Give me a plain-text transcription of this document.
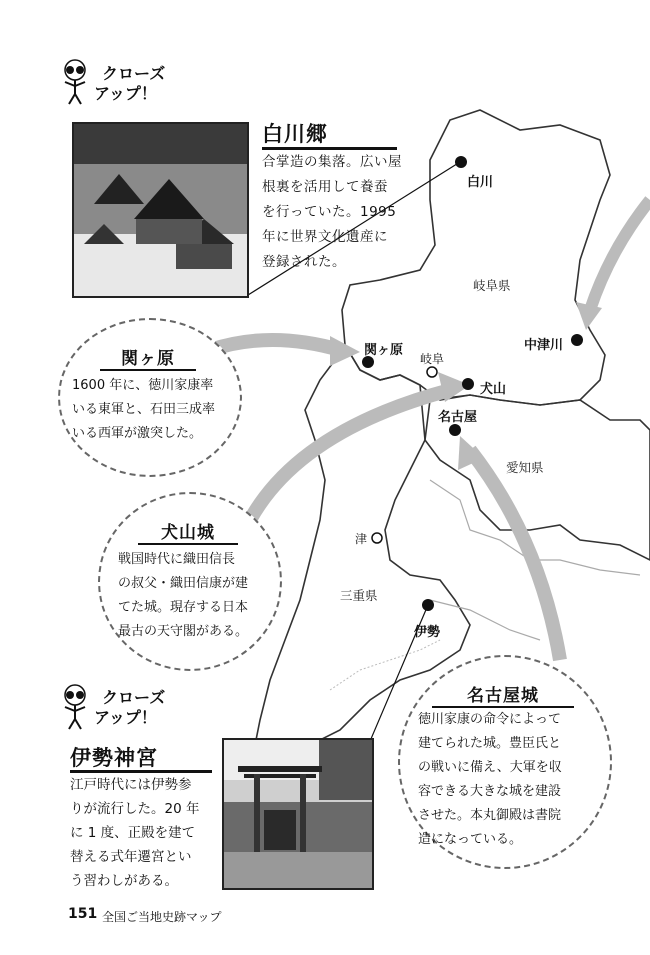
クローズ
アップ！
クローズ
アップ！
白川郷
合掌造の集落。広い屋
根裏を活用して養蚕
を行っていた。1995
年に世界文化遺産に
登録された。
関ヶ原
1600 年に、徳川家康率
いる東軍と、石田三成率
いる西軍が激突した。
犬山城
戦国時代に織田信長
の叔父・織田信康が建
てた城。現存する日本
最古の天守閣がある。
名古屋城
徳川家康の命令によって
建てられた城。豊臣氏と
の戦いに備え、大軍を収
容できる大きな城を建設
させた。本丸御殿は書院
造になっている。
伊勢神宮
江戸時代には伊勢参
りが流行した。20 年
に 1 度、正殿を建て
替える式年遷宮とい
う習わしがある。
白川
関ヶ原
岐阜
犬山
名古屋
中津川
津
伊勢
岐阜県
愛知県
三重県
151 全国ご当地史跡マップ
